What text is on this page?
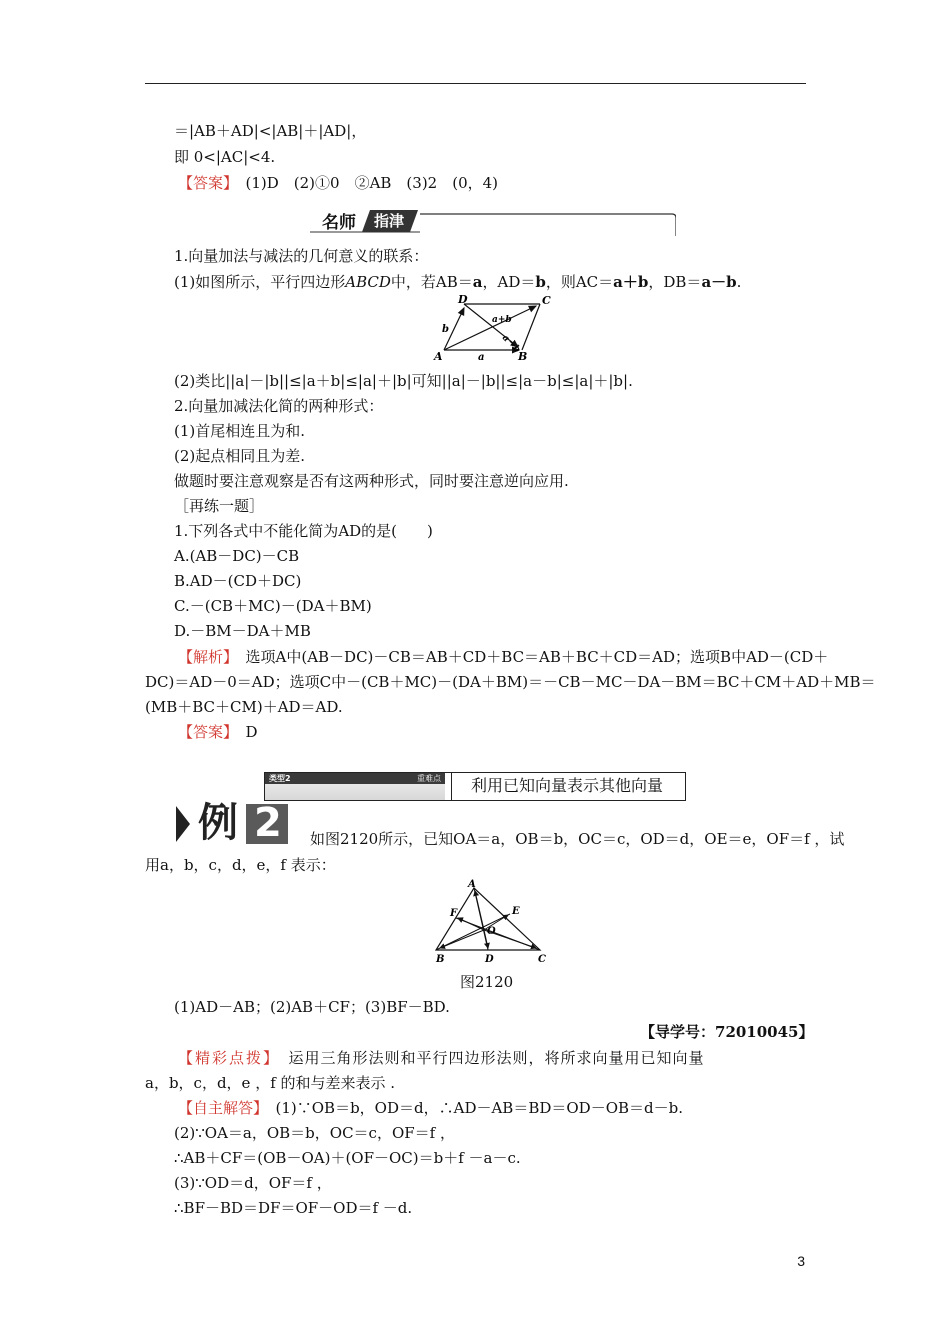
＝|AB＋AD|<|AB|＋|AD|，
即 0<|AC|<4.
【答案】　(1)D　(2)①0　②AB　(3)2　(0，4)
名师 指津
1.向量加法与减法的几何意义的联系：
(1)如图所示，平行四边形ABCD中，若AB＝a，AD＝b，则AC＝a＋b，DB＝a－b.
A	B
C
D
a
b
a+b
a－b
(2)类比||a|－|b||≤|a＋b|≤|a|＋|b|可知||a|－|b||≤|a－b|≤|a|＋|b|.
2.向量加减法化简的两种形式：
(1)首尾相连且为和.
(2)起点相同且为差.
做题时要注意观察是否有这两种形式，同时要注意逆向应用.
［再练一题］
1.下列各式中不能化简为AD的是(　　)
A.(AB－DC)－CB
B.AD－(CD＋DC)
C.－(CB＋MC)－(DA＋BM)
D.－BM－DA＋MB
【解析】　选项A中(AB－DC)－CB＝AB＋CD＋BC＝AB＋BC＋CD＝AD；选项B中AD－(CD＋
DC)＝AD－0＝AD；选项C中－(CB＋MC)－(DA＋BM)＝－CB－MC－DA－BM＝BC＋CM＋AD＋MB＝
(MB＋BC＋CM)＋AD＝AD.
【答案】　D
类型2	重难点 利用已知向量表示其他向量
例 2 如图2120所示，已知OA＝a，OB＝b，OC＝c，OD＝d，OE＝e，OF＝f ，试
用a，b，c，d，e，f 表示：
A
B	C
D
E
F
O
图2120
(1)AD－AB；(2)AB＋CF；(3)BF－BD.
【导学号：72010045】
【精彩点拨】　运用三角形法则和平行四边形法则，将所求向量用已知向量
a，b，c，d，e ，f 的和与差来表示 .
【自主解答】　(1)∵OB＝b，OD＝d，∴AD－AB＝BD＝OD－OB＝d－b.
(2)∵OA＝a，OB＝b，OC＝c，OF＝f ，
∴AB＋CF＝(OB－OA)＋(OF－OC)＝b＋f －a－c.
(3)∵OD＝d，OF＝f ，
∴BF－BD＝DF＝OF－OD＝f －d.
3
